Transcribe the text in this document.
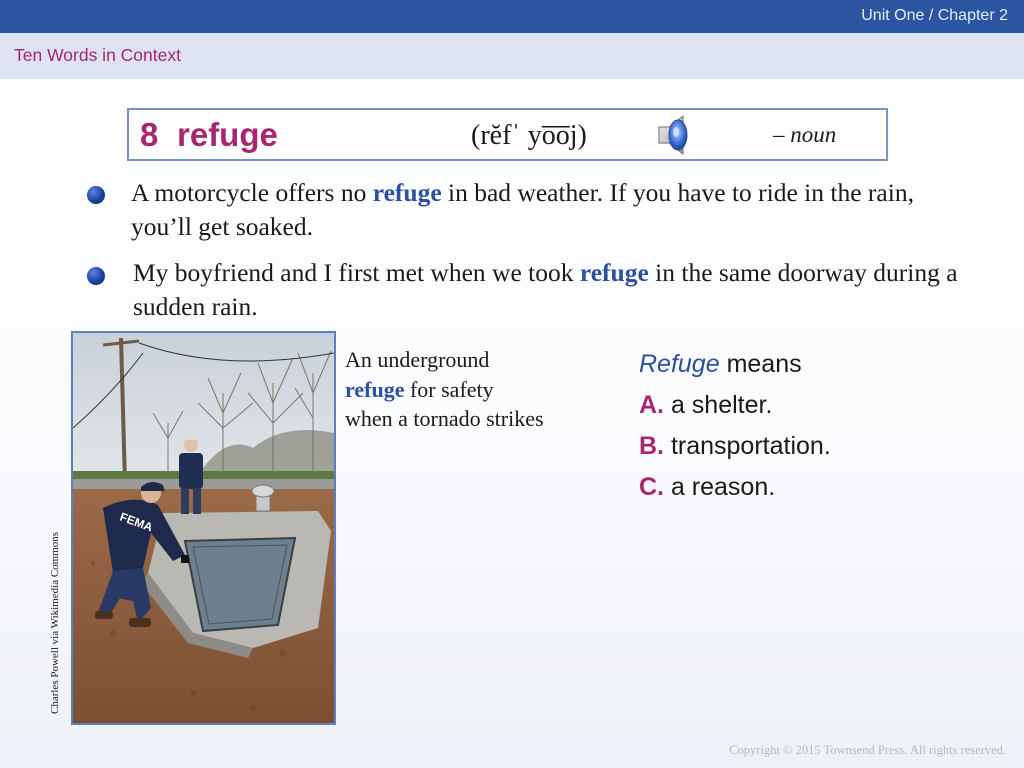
Unit One / Chapter 2
Ten Words in Context
8 refuge	(rĕfˈ yo̅o̅j)	– noun
A motorcycle offers no refuge in bad weather. If you have to ride in the rain, you’ll get soaked.
My boyfriend and I first met when we took refuge in the same doorway during a sudden rain.
FEMA
Charles Powell via Wikimedia Commons
An underground
refuge for safety
when a tornado strikes
Refuge means
A. a shelter.
B. transportation.
C. a reason.
Copyright © 2015 Townsend Press. All rights reserved.
